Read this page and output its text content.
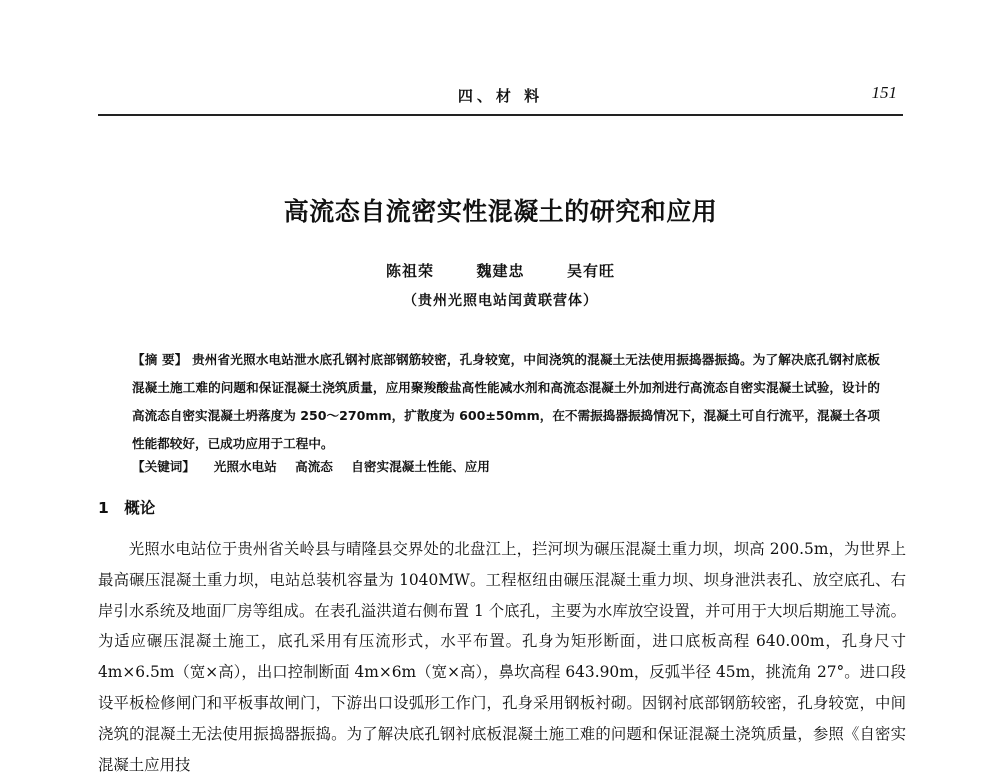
四、材 料	151
高流态自流密实性混凝土的研究和应用
陈祖荣	魏建忠	吴有旺
（贵州光照电站闰黄联营体）
【摘 要】 贵州省光照水电站泄水底孔钢衬底部钢筋较密，孔身较宽，中间浇筑的混凝土无法使用振捣器振捣。为了解决底孔钢衬底板混凝土施工难的问题和保证混凝土浇筑质量，应用聚羧酸盐高性能减水剂和高流态混凝土外加剂进行高流态自密实混凝土试验，设计的高流态自密实混凝土坍落度为 250～270mm，扩散度为 600±50mm，在不需振捣器振捣情况下，混凝土可自行流平，混凝土各项性能都较好，已成功应用于工程中。
【关键词】 光照水电站 高流态 自密实混凝土性能、应用
1 概论
光照水电站位于贵州省关岭县与晴隆县交界处的北盘江上，拦河坝为碾压混凝土重力坝，坝高 200.5m，为世界上最高碾压混凝土重力坝，电站总装机容量为 1040MW。工程枢纽由碾压混凝土重力坝、坝身泄洪表孔、放空底孔、右岸引水系统及地面厂房等组成。在表孔溢洪道右侧布置 1 个底孔，主要为水库放空设置，并可用于大坝后期施工导流。为适应碾压混凝土施工，底孔采用有压流形式，水平布置。孔身为矩形断面，进口底板高程 640.00m，孔身尺寸 4m×6.5m（宽×高），出口控制断面 4m×6m（宽×高），鼻坎高程 643.90m，反弧半径 45m，挑流角 27°。进口段设平板检修闸门和平板事故闸门，下游出口设弧形工作门，孔身采用钢板衬砌。因钢衬底部钢筋较密，孔身较宽，中间浇筑的混凝土无法使用振捣器振捣。为了解决底孔钢衬底板混凝土施工难的问题和保证混凝土浇筑质量，参照《自密实混凝土应用技
